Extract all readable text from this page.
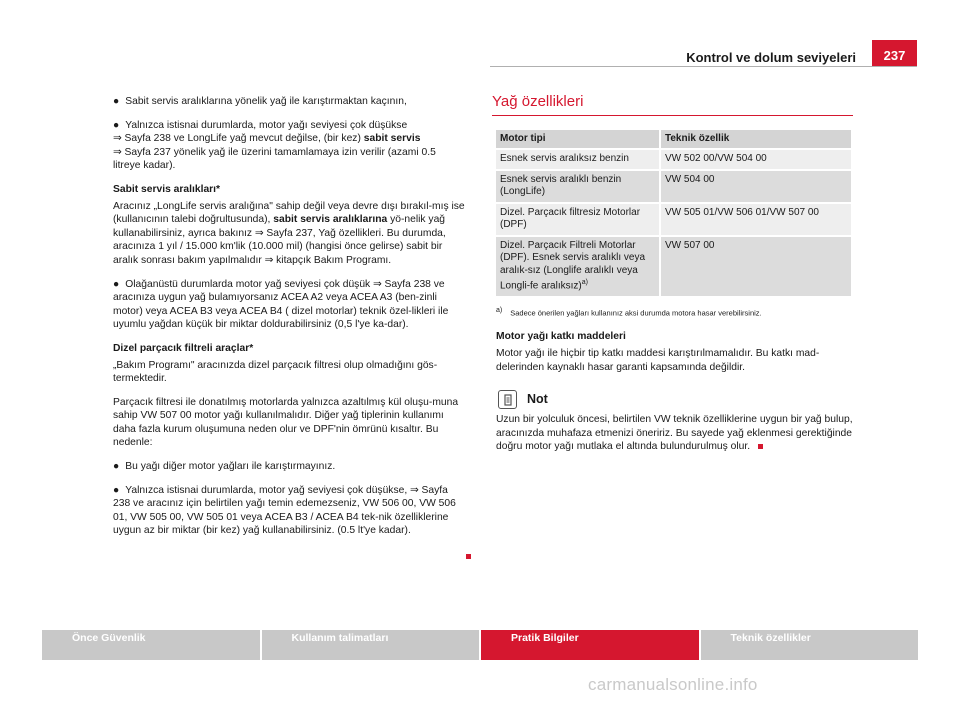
Kontrol ve dolum seviyeleri	237

● Sabit servis aralıklarına yönelik yağ ile karıştırmaktan kaçının,

● Yalnızca istisnai durumlarda, motor yağı seviyesi çok düşükse
⇒ Sayfa 238 ve LongLife yağ mevcut değilse, (bir kez) sabit servis
⇒ Sayfa 237 yönelik yağ ile üzerini tamamlamaya izin verilir (azami 0.5 litreye kadar).

Sabit servis aralıkları*

Aracınız „LongLife servis aralığına" sahip değil veya devre dışı bırakıl-mış ise (kullanıcının talebi doğrultusunda), sabit servis aralıklarına yö-nelik yağ kullanabilirsiniz, ayrıca bakınız ⇒ Sayfa 237, Yağ özellikleri. Bu durumda, aracınıza 1 yıl / 15.000 km'lik (10.000 mil) (hangisi önce gelirse) sabit bir aralık sonrası bakım yapılmalıdır ⇒ kitapçık Bakım Programı.

● Olağanüstü durumlarda motor yağ seviyesi çok düşük ⇒ Sayfa 238 ve aracınıza uygun yağ bulamıyorsanız ACEA A2 veya ACEA A3 (ben-zinli motor) veya ACEA B3 veya ACEA B4 ( dizel motorlar) teknik özel-likleri ile uyumlu yağdan küçük bir miktar doldurabilirsiniz (0,5 l'ye ka-dar).

Dizel parçacık filtreli araçlar*

„Bakım Programı" aracınızda dizel parçacık filtresi olup olmadığını gös-termektedir.

Parçacık filtresi ile donatılmış motorlarda yalnızca azaltılmış kül oluşu-muna sahip VW 507 00 motor yağı kullanılmalıdır. Diğer yağ tiplerinin kullanımı daha fazla kurum oluşumuna neden olur ve DPF'nin ömrünü kısaltır. Bu nedenle:

● Bu yağı diğer motor yağları ile karıştırmayınız.

● Yalnızca istisnai durumlarda, motor yağ seviyesi çok düşükse, ⇒ Sayfa 238 ve aracınız için belirtilen yağı temin edemezseniz, VW 506 00, VW 506 01, VW 505 00, VW 505 01 veya ACEA B3 / ACEA B4 tek-nik özelliklerine uygun az bir miktar (bir kez) yağ kullanabilirsiniz. (0.5 lt'ye kadar).

Yağ özellikleri
Motor tipi	Teknik özellik
Esnek servis aralıksız benzin	VW 502 00/VW 504 00
Esnek servis aralıklı benzin (LongLife)	VW 504 00
Dizel. Parçacık filtresiz Motorlar (DPF)	VW 505 01/VW 506 01/VW 507 00
Dizel. Parçacık Filtreli Motorlar (DPF). Esnek servis aralıklı veya aralık-sız (Longlife aralıklı veya Longli-fe aralıksız)$^{a)}$	VW 507 00

$^{a)}$ Sadece önerilen yağları kullanınız aksi durumda motora hasar verebilirsiniz.

Motor yağı katkı maddeleri

Motor yağı ile hiçbir tip katkı maddesi karıştırılmamalıdır. Bu katkı mad-delerinden kaynaklı hasar garanti kapsamında değildir.

Not

Uzun bir yolculuk öncesi, belirtilen VW teknik özelliklerine uygun bir yağ bulup, aracınızda muhafaza etmenizi öneririz. Bu sayede yağ eklenmesi gerektiğinde doğru motor yağı mutlaka el altında bulundurulmuş olur.

Önce Güvenlik	Kullanım talimatları	Pratik Bilgiler	Teknik özellikler
carmanualsonline.info
